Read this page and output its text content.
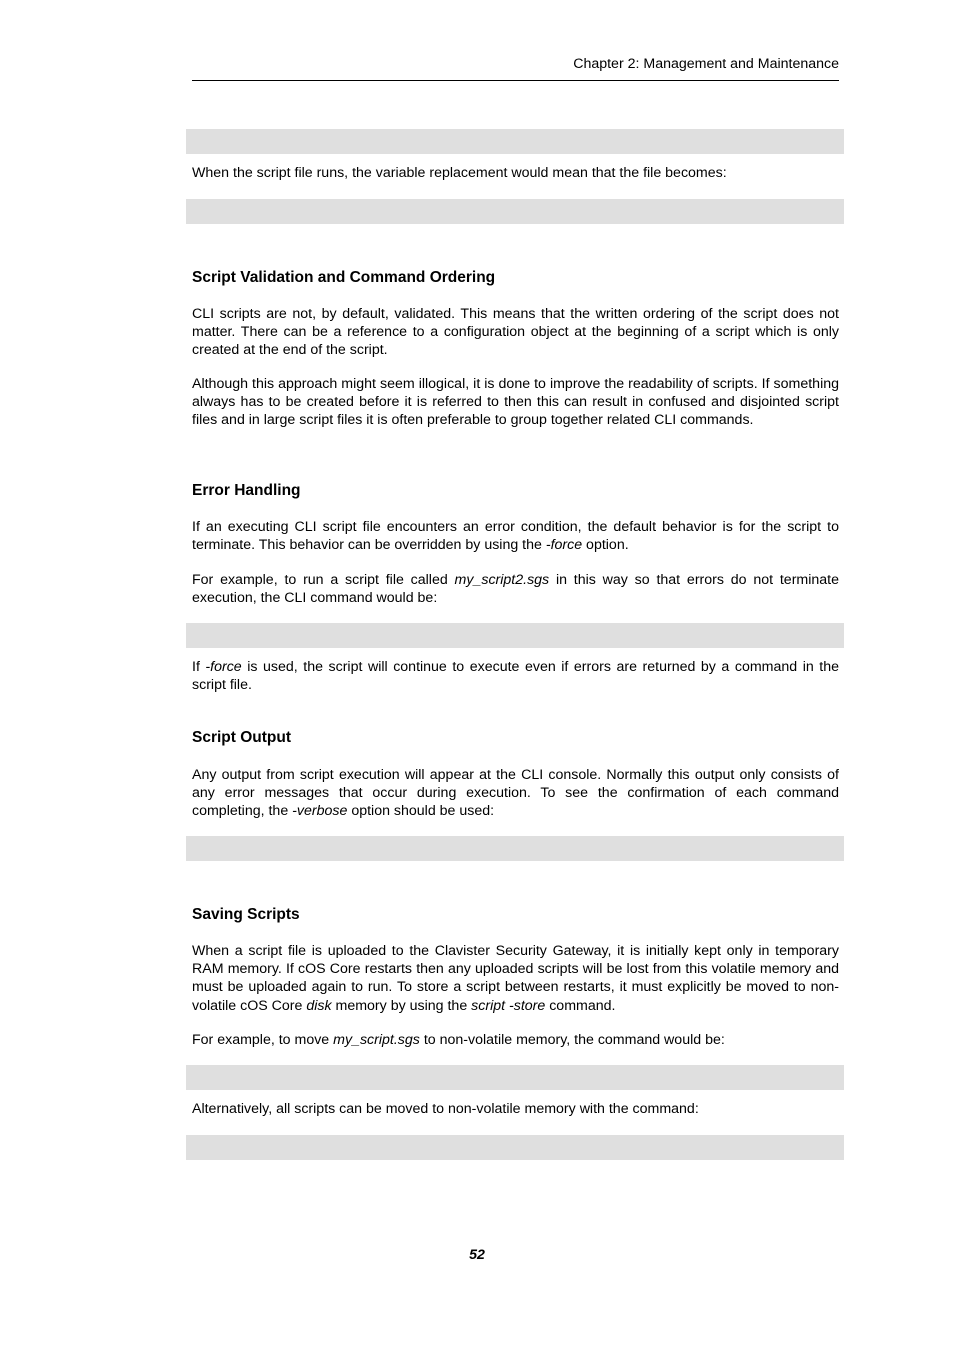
Chapter 2: Management and Maintenance

When the script file runs, the variable replacement would mean that the file becomes:

Script Validation and Command Ordering

CLI scripts are not, by default, validated. This means that the written ordering of the script does not matter. There can be a reference to a configuration object at the beginning of a script which is only created at the end of the script.

Although this approach might seem illogical, it is done to improve the readability of scripts. If something always has to be created before it is referred to then this can result in confused and disjointed script files and in large script files it is often preferable to group together related CLI commands.

Error Handling

If an executing CLI script file encounters an error condition, the default behavior is for the script to terminate. This behavior can be overridden by using the -force option.

For example, to run a script file called my_script2.sgs in this way so that errors do not terminate execution, the CLI command would be:

If -force is used, the script will continue to execute even if errors are returned by a command in the script file.

Script Output

Any output from script execution will appear at the CLI console. Normally this output only consists of any error messages that occur during execution. To see the confirmation of each command completing, the -verbose option should be used:

Saving Scripts

When a script file is uploaded to the Clavister Security Gateway, it is initially kept only in temporary RAM memory. If cOS Core restarts then any uploaded scripts will be lost from this volatile memory and must be uploaded again to run. To store a script between restarts, it must explicitly be moved to non-volatile cOS Core disk memory by using the script -store command.

For example, to move my_script.sgs to non-volatile memory, the command would be:

Alternatively, all scripts can be moved to non-volatile memory with the command:

52
